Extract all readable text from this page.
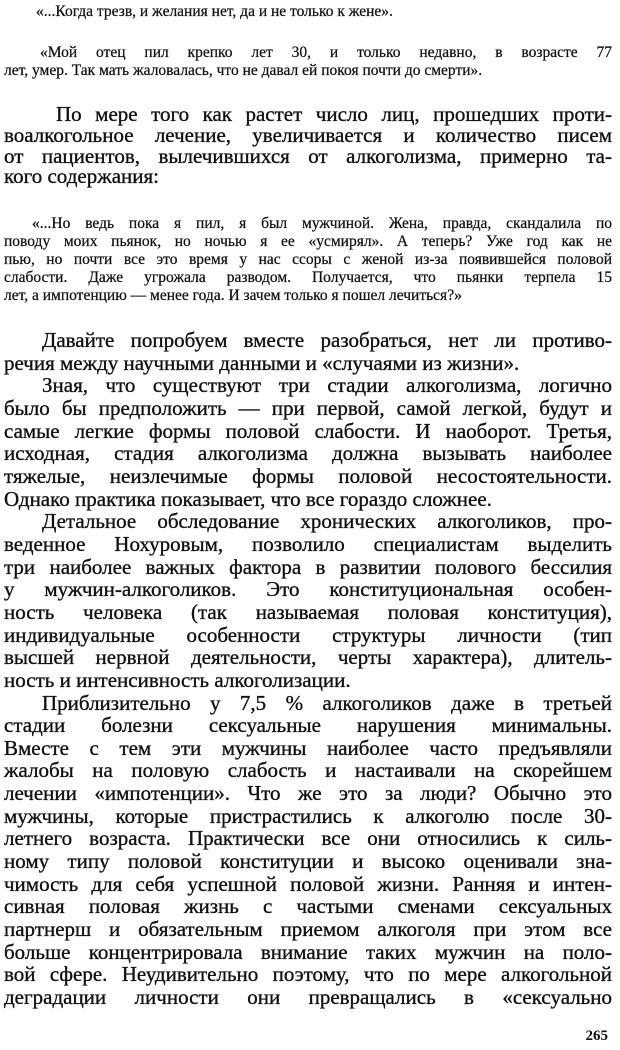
«...Когда трезв, и желания нет, да и не только к жене».
«Мой отец пил крепко лет 30, и только недавно, в возрасте 77
лет, умер. Так мать жаловалась, что не давал ей покоя почти до смерти».
По мере того как растет число лиц, прошедших проти-
воалкогольное лечение, увеличивается и количество писем
от пациентов, вылечившихся от алкоголизма, примерно та-
кого содержания:
«...Но ведь пока я пил, я был мужчиной. Жена, правда, скандалила по
поводу моих пьянок, но ночью я ее «усмирял». А теперь? Уже год как не
пью, но почти все это время у нас ссоры с женой из-за появившейся половой
слабости. Даже угрожала разводом. Получается, что пьянки терпела 15
лет, а импотенцию — менее года. И зачем только я пошел лечиться?»
Давайте попробуем вместе разобраться, нет ли противо-
речия между научными данными и «случаями из жизни».
Зная, что существуют три стадии алкоголизма, логично
было бы предположить — при первой, самой легкой, будут и
самые легкие формы половой слабости. И наоборот. Третья,
исходная, стадия алкоголизма должна вызывать наиболее
тяжелые, неизлечимые формы половой несостоятельности.
Однако практика показывает, что все гораздо сложнее.
Детальное обследование хронических алкоголиков, про-
веденное Нохуровым, позволило специалистам выделить
три наиболее важных фактора в развитии полового бессилия
у мужчин-алкоголиков. Это конституциональная особен-
ность человека (так называемая половая конституция),
индивидуальные особенности структуры личности (тип
высшей нервной деятельности, черты характера), длитель-
ность и интенсивность алкоголизации.
Приблизительно у 7,5 % алкоголиков даже в третьей
стадии болезни сексуальные нарушения минимальны.
Вместе с тем эти мужчины наиболее часто предъявляли
жалобы на половую слабость и настаивали на скорейшем
лечении «импотенции». Что же это за люди? Обычно это
мужчины, которые пристрастились к алкоголю после 30-
летнего возраста. Практически все они относились к силь-
ному типу половой конституции и высоко оценивали зна-
чимость для себя успешной половой жизни. Ранняя и интен-
сивная половая жизнь с частыми сменами сексуальных
партнерш и обязательным приемом алкоголя при этом все
больше концентрировала внимание таких мужчин на поло-
вой сфере. Неудивительно поэтому, что по мере алкогольной
деградации личности они превращались в «сексуально
265
